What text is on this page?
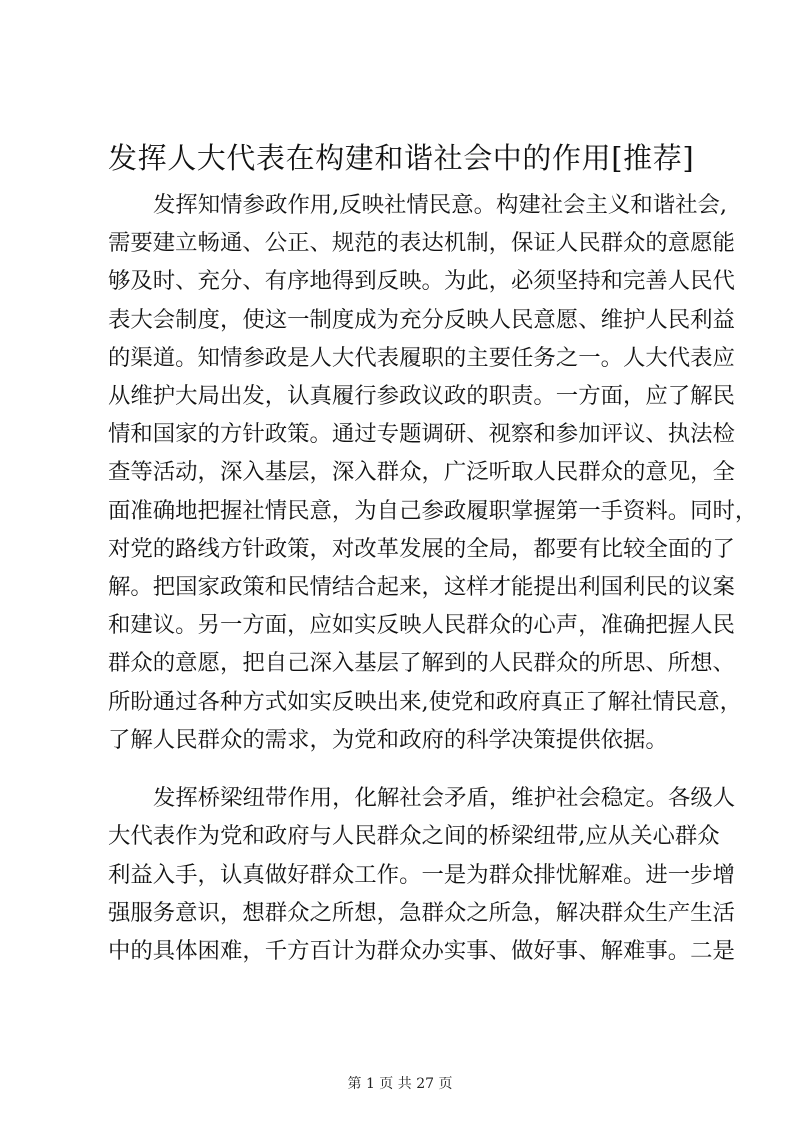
发挥人大代表在构建和谐社会中的作用[推荐]
发挥知情参政作用,反映社情民意。构建社会主义和谐社会,
需要建立畅通、公正、规范的表达机制，保证人民群众的意愿能
够及时、充分、有序地得到反映。为此，必须坚持和完善人民代
表大会制度，使这一制度成为充分反映人民意愿、维护人民利益
的渠道。知情参政是人大代表履职的主要任务之一。人大代表应
从维护大局出发，认真履行参政议政的职责。一方面，应了解民
情和国家的方针政策。通过专题调研、视察和参加评议、执法检
查等活动，深入基层，深入群众，广泛听取人民群众的意见，全
面准确地把握社情民意，为自己参政履职掌握第一手资料。同时，
对党的路线方针政策，对改革发展的全局，都要有比较全面的了
解。把国家政策和民情结合起来，这样才能提出利国利民的议案
和建议。另一方面，应如实反映人民群众的心声，准确把握人民
群众的意愿，把自己深入基层了解到的人民群众的所思、所想、
所盼通过各种方式如实反映出来,使党和政府真正了解社情民意，
了解人民群众的需求，为党和政府的科学决策提供依据。
发挥桥梁纽带作用，化解社会矛盾，维护社会稳定。各级人
大代表作为党和政府与人民群众之间的桥梁纽带,应从关心群众
利益入手，认真做好群众工作。一是为群众排忧解难。进一步增
强服务意识，想群众之所想，急群众之所急，解决群众生产生活
中的具体困难，千方百计为群众办实事、做好事、解难事。二是
第 1 页 共 27 页
